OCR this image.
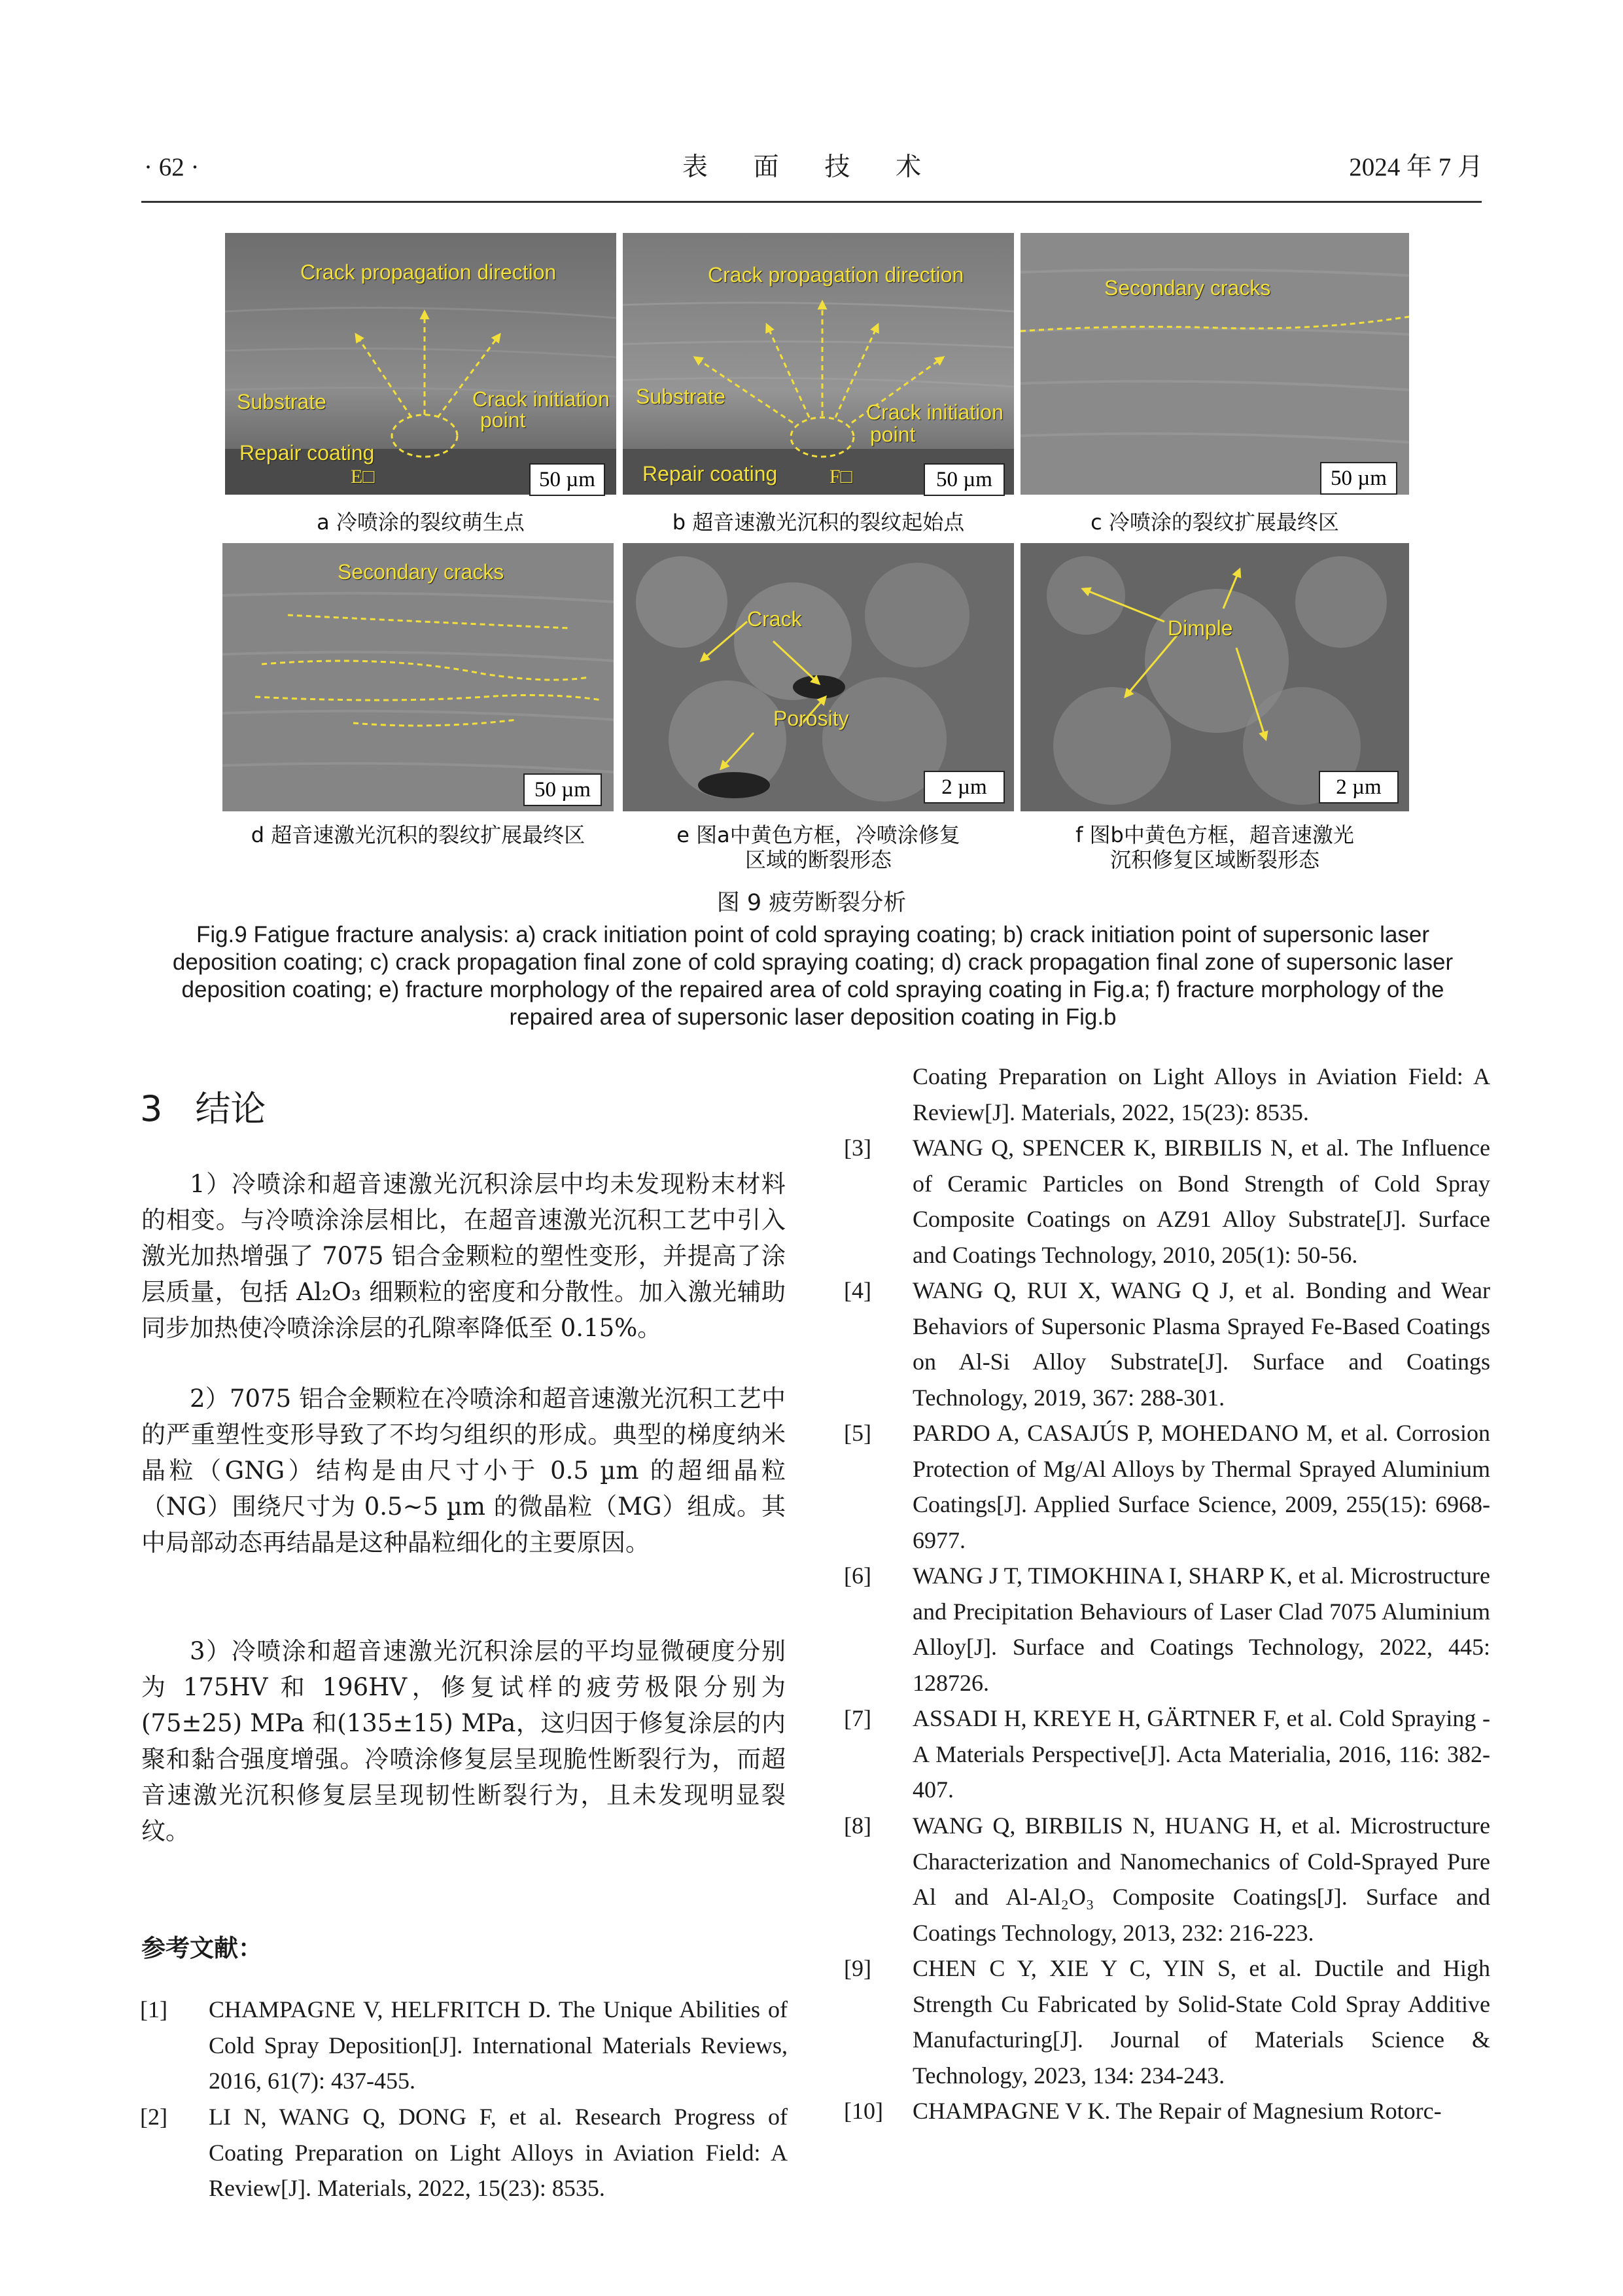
· 62 ·	表 面 技 术	2024 年 7 月
Crack propagation direction
Substrate	Crack initiation
point
Repair coating
E□	50 µm
Crack propagation direction
Substrate
Crack initiation
point
Repair coating	F□	50 µm
Secondary cracks
50 µm
Secondary cracks
50 µm
Crack
Porosity
2 µm
Dimple
2 µm
a 冷喷涂的裂纹萌生点	b 超音速激光沉积的裂纹起始点	c 冷喷涂的裂纹扩展最终区
d 超音速激光沉积的裂纹扩展最终区	e 图a中黄色方框，冷喷涂修复
区域的断裂形态
f 图b中黄色方框，超音速激光
沉积修复区域断裂形态
图 9 疲劳断裂分析
Fig.9 Fatigue fracture analysis: a) crack initiation point of cold spraying coating; b) crack initiation point of supersonic laser deposition coating; c) crack propagation final zone of cold spraying coating; d) crack propagation final zone of supersonic laser deposition coating; e) fracture morphology of the repaired area of cold spraying coating in Fig.a; f) fracture morphology of the repaired area of supersonic laser deposition coating in Fig.b
3 结论
1）冷喷涂和超音速激光沉积涂层中均未发现粉末材料的相变。与冷喷涂涂层相比，在超音速激光沉积工艺中引入激光加热增强了 7075 铝合金颗粒的塑性变形，并提高了涂层质量，包括 Al₂O₃ 细颗粒的密度和分散性。加入激光辅助同步加热使冷喷涂涂层的孔隙率降低至 0.15%。
2）7075 铝合金颗粒在冷喷涂和超音速激光沉积工艺中的严重塑性变形导致了不均匀组织的形成。典型的梯度纳米晶粒（GNG）结构是由尺寸小于 0.5 µm 的超细晶粒（NG）围绕尺寸为 0.5~5 µm 的微晶粒（MG）组成。其中局部动态再结晶是这种晶粒细化的主要原因。
3）冷喷涂和超音速激光沉积涂层的平均显微硬度分别为 175HV 和 196HV，修复试样的疲劳极限分别为(75±25) MPa 和(135±15) MPa，这归因于修复涂层的内聚和黏合强度增强。冷喷涂修复层呈现脆性断裂行为，而超音速激光沉积修复层呈现韧性断裂行为，且未发现明显裂纹。
参考文献：
[1] CHAMPAGNE V, HELFRITCH D. The Unique Abilities of Cold Spray Deposition[J]. International Materials Reviews, 2016, 61(7): 437-455.
[2] LI N, WANG Q, DONG F, et al. Research Progress of Coating Preparation on Light Alloys in Aviation Field: A Review[J]. Materials, 2022, 15(23): 8535.
Coating Preparation on Light Alloys in Aviation Field: A Review[J]. Materials, 2022, 15(23): 8535.
[3] WANG Q, SPENCER K, BIRBILIS N, et al. The Influence of Ceramic Particles on Bond Strength of Cold Spray Composite Coatings on AZ91 Alloy Substrate[J]. Surface and Coatings Technology, 2010, 205(1): 50-56.
[4] WANG Q, RUI X, WANG Q J, et al. Bonding and Wear Behaviors of Supersonic Plasma Sprayed Fe-Based Coatings on Al-Si Alloy Substrate[J]. Surface and Coatings Technology, 2019, 367: 288-301.
[5] PARDO A, CASAJÚS P, MOHEDANO M, et al. Corrosion Protection of Mg/Al Alloys by Thermal Sprayed Aluminium Coatings[J]. Applied Surface Science, 2009, 255(15): 6968-6977.
[6] WANG J T, TIMOKHINA I, SHARP K, et al. Microstructure and Precipitation Behaviours of Laser Clad 7075 Aluminium Alloy[J]. Surface and Coatings Technology, 2022, 445: 128726.
[7] ASSADI H, KREYE H, GÄRTNER F, et al. Cold Spraying - A Materials Perspective[J]. Acta Materialia, 2016, 116: 382-407.
[8] WANG Q, BIRBILIS N, HUANG H, et al. Microstructure Characterization and Nanomechanics of Cold-Sprayed Pure Al and Al-Al₂O₃ Composite Coatings[J]. Surface and Coatings Technology, 2013, 232: 216-223.
[9] CHEN C Y, XIE Y C, YIN S, et al. Ductile and High Strength Cu Fabricated by Solid-State Cold Spray Additive Manufacturing[J]. Journal of Materials Science & Technology, 2023, 134: 234-243.
[10] CHAMPAGNE V K. The Repair of Magnesium Rotorc-
